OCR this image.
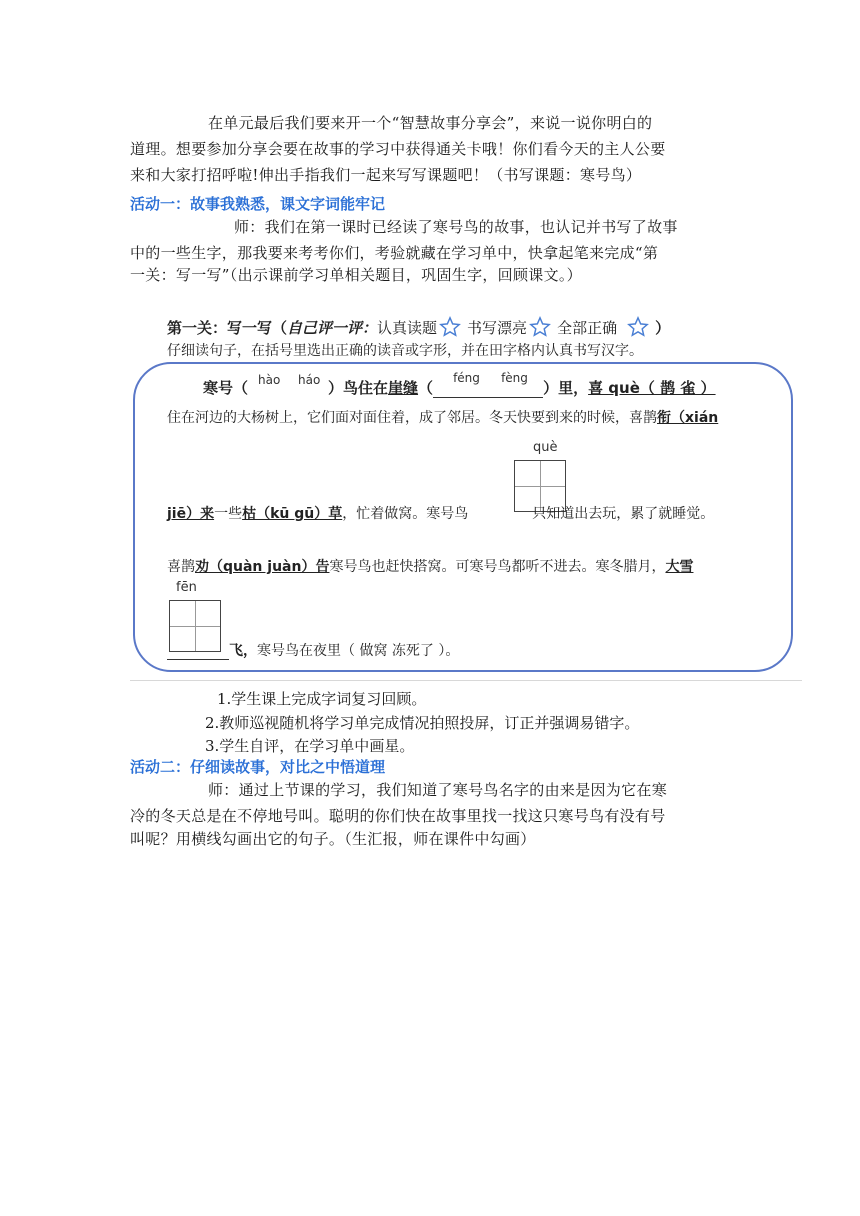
在单元最后我们要来开一个“智慧故事分享会”，来说一说你明白的
道理。想要参加分享会要在故事的学习中获得通关卡哦！你们看今天的主人公要
来和大家打招呼啦!伸出手指我们一起来写写课题吧！（书写课题：寒号鸟）
活动一：故事我熟悉，课文字词能牢记
师：我们在第一课时已经读了寒号鸟的故事，也认记并书写了故事
中的一些生字，那我要来考考你们，考验就藏在学习单中，快拿起笔来完成“第
一关：写一写”（出示课前学习单相关题目，巩固生字，回顾课文。）
第一关：写一写（自己评一评：认真读题 书写漂亮 全部正确	）
仔细读句子，在括号里选出正确的读音或字形，并在田字格内认真书写汉字。
寒号（ hào háo ）鸟住在崖缝（
féng fèng
）里，喜 què（ 鹊 雀 ）
住在河边的大杨树上，它们面对面住着，成了邻居。冬天快要到来的时候，喜鹊衔（xián
què
jiē）来一些枯（kū gū）草，忙着做窝。寒号鸟	只知道出去玩，累了就睡觉。
喜鹊劝（quàn juàn）告寒号鸟也赶快搭窝。可寒号鸟都听不进去。寒冬腊月，大雪
fēn
飞，寒号鸟在夜里（ 做窝 冻死了 ）。
1.学生课上完成字词复习回顾。
2.教师巡视随机将学习单完成情况拍照投屏，订正并强调易错字。
3.学生自评，在学习单中画星。
活动二：仔细读故事，对比之中悟道理
师：通过上节课的学习，我们知道了寒号鸟名字的由来是因为它在寒
冷的冬天总是在不停地号叫。聪明的你们快在故事里找一找这只寒号鸟有没有号
叫呢？用横线勾画出它的句子。（生汇报，师在课件中勾画）
